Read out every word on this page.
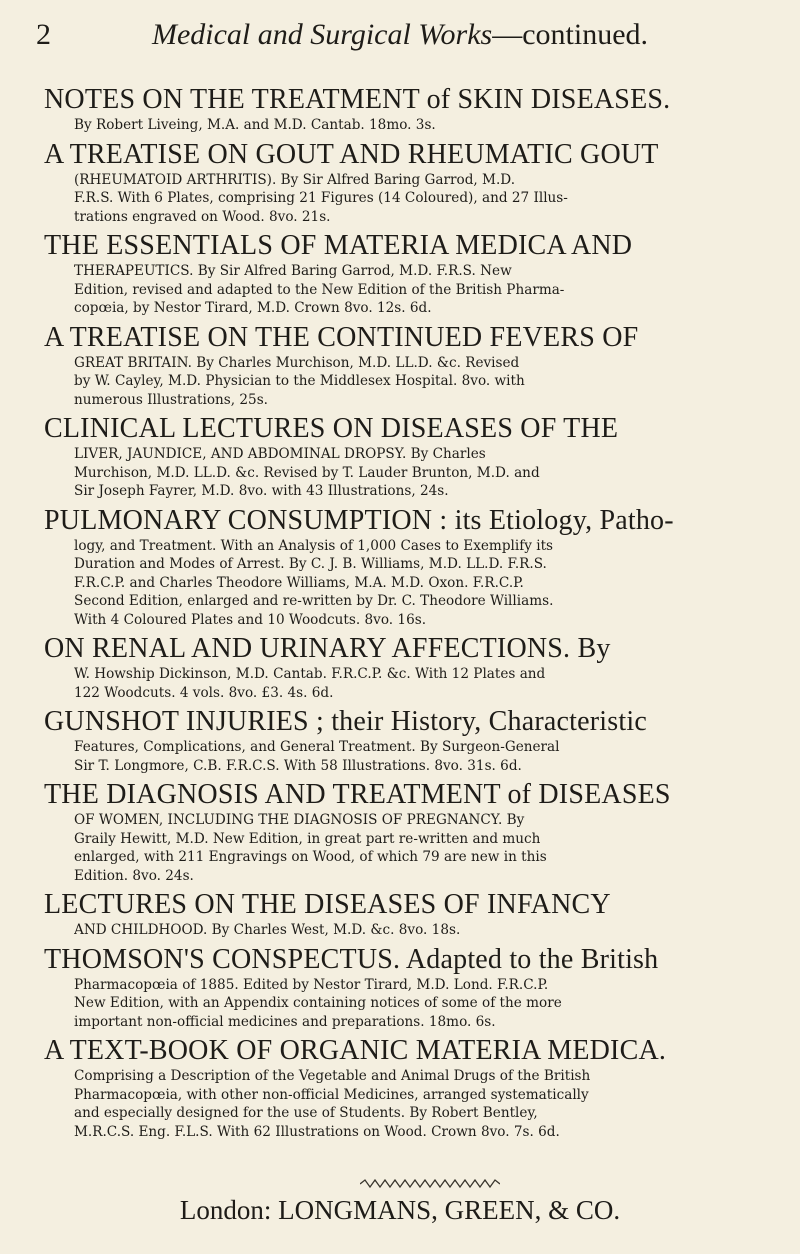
2	Medical and Surgical Works—continued.
NOTES ON THE TREATMENT of SKIN DISEASES.
By Robert Liveing, M.A. and M.D. Cantab. 18mo. 3s.
A TREATISE ON GOUT AND RHEUMATIC GOUT
(RHEUMATOID ARTHRITIS). By Sir Alfred Baring Garrod, M.D.
F.R.S. With 6 Plates, comprising 21 Figures (14 Coloured), and 27 Illus-
trations engraved on Wood. 8vo. 21s.
THE ESSENTIALS OF MATERIA MEDICA AND
THERAPEUTICS. By Sir Alfred Baring Garrod, M.D. F.R.S. New
Edition, revised and adapted to the New Edition of the British Pharma-
copœia, by Nestor Tirard, M.D. Crown 8vo. 12s. 6d.
A TREATISE ON THE CONTINUED FEVERS OF
GREAT BRITAIN. By Charles Murchison, M.D. LL.D. &c. Revised
by W. Cayley, M.D. Physician to the Middlesex Hospital. 8vo. with
numerous Illustrations, 25s.
CLINICAL LECTURES ON DISEASES OF THE
LIVER, JAUNDICE, AND ABDOMINAL DROPSY. By Charles
Murchison, M.D. LL.D. &c. Revised by T. Lauder Brunton, M.D. and
Sir Joseph Fayrer, M.D. 8vo. with 43 Illustrations, 24s.
PULMONARY CONSUMPTION : its Etiology, Patho-
logy, and Treatment. With an Analysis of 1,000 Cases to Exemplify its
Duration and Modes of Arrest. By C. J. B. Williams, M.D. LL.D. F.R.S.
F.R.C.P. and Charles Theodore Williams, M.A. M.D. Oxon. F.R.C.P.
Second Edition, enlarged and re-written by Dr. C. Theodore Williams.
With 4 Coloured Plates and 10 Woodcuts. 8vo. 16s.
ON RENAL AND URINARY AFFECTIONS. By
W. Howship Dickinson, M.D. Cantab. F.R.C.P. &c. With 12 Plates and
122 Woodcuts. 4 vols. 8vo. £3. 4s. 6d.
GUNSHOT INJURIES ; their History, Characteristic
Features, Complications, and General Treatment. By Surgeon-General
Sir T. Longmore, C.B. F.R.C.S. With 58 Illustrations. 8vo. 31s. 6d.
THE DIAGNOSIS AND TREATMENT of DISEASES
OF WOMEN, INCLUDING THE DIAGNOSIS OF PREGNANCY. By
Graily Hewitt, M.D. New Edition, in great part re-written and much
enlarged, with 211 Engravings on Wood, of which 79 are new in this
Edition. 8vo. 24s.
LECTURES ON THE DISEASES OF INFANCY
AND CHILDHOOD. By Charles West, M.D. &c. 8vo. 18s.
THOMSON'S CONSPECTUS. Adapted to the British
Pharmacopœia of 1885. Edited by Nestor Tirard, M.D. Lond. F.R.C.P.
New Edition, with an Appendix containing notices of some of the more
important non-official medicines and preparations. 18mo. 6s.
A TEXT-BOOK OF ORGANIC MATERIA MEDICA.
Comprising a Description of the Vegetable and Animal Drugs of the British
Pharmacopœia, with other non-official Medicines, arranged systematically
and especially designed for the use of Students. By Robert Bentley,
M.R.C.S. Eng. F.L.S. With 62 Illustrations on Wood. Crown 8vo. 7s. 6d.
London: LONGMANS, GREEN, & CO.
